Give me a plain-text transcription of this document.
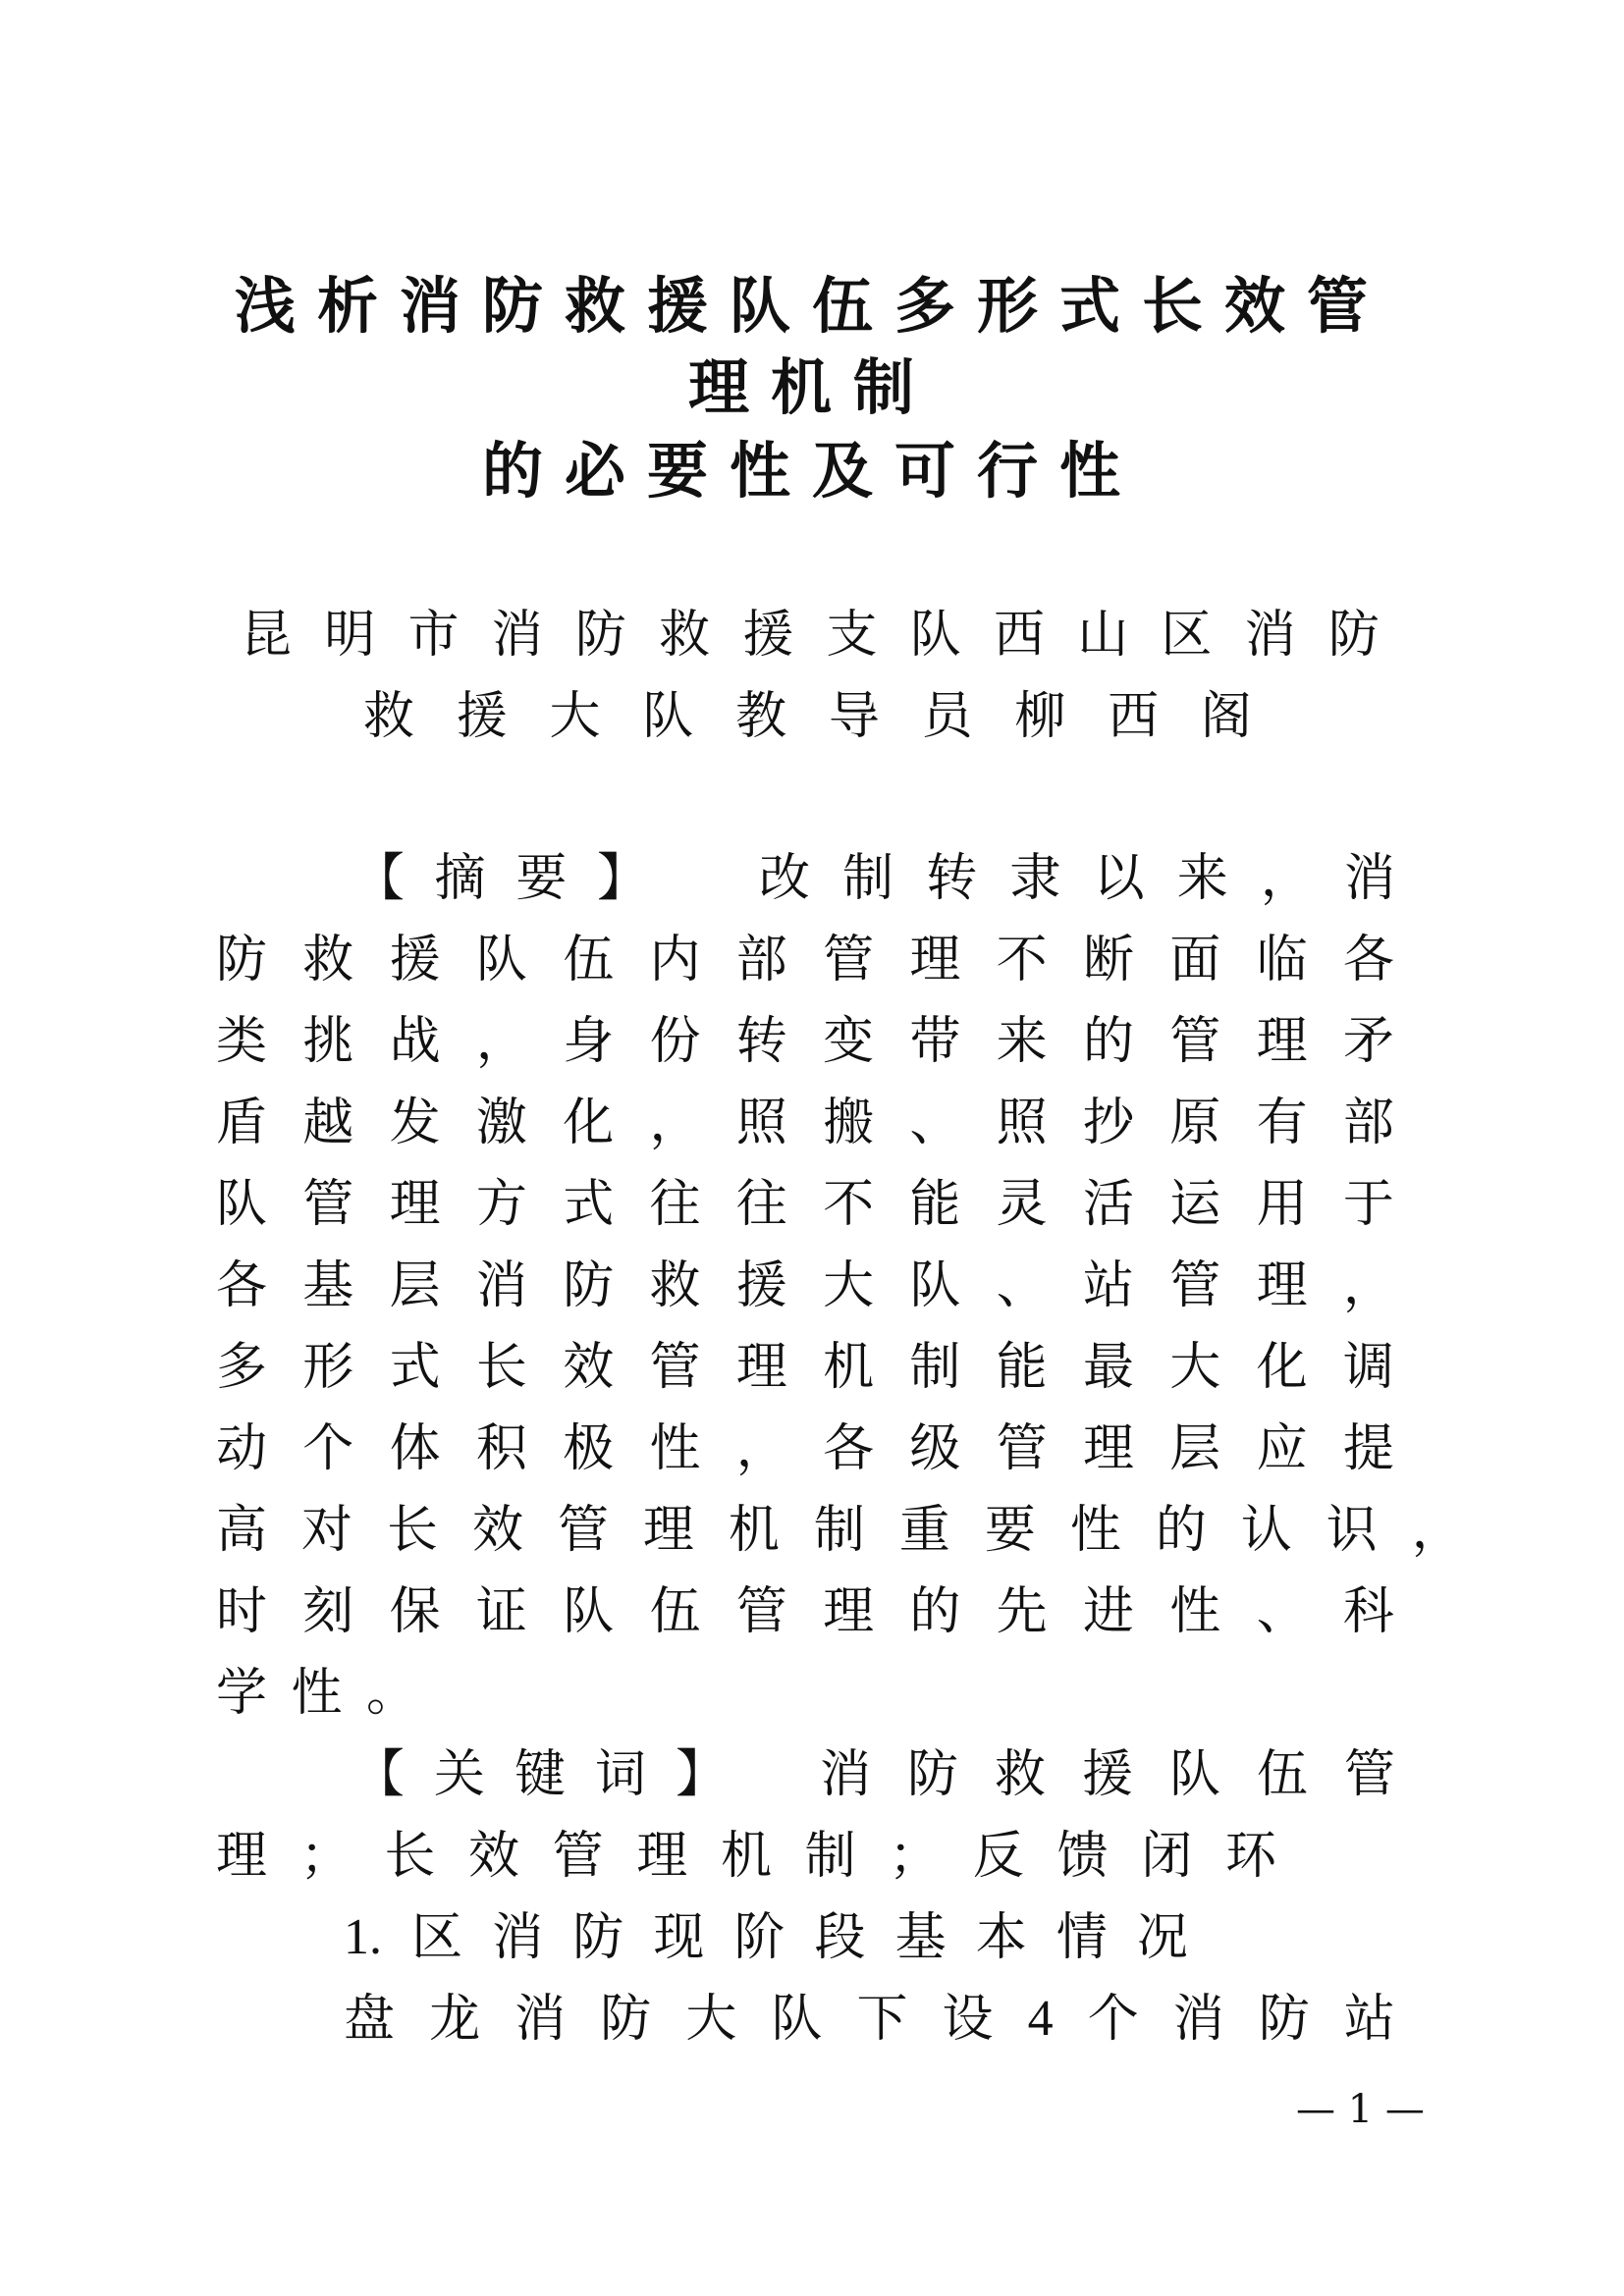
浅析消防救援队伍多形式长效管
理机制
的必要性及可行性
昆 明 市 消 防 救 援 支 队 西 山 区 消 防
救 援 大 队 教 导 员 柳 西 阁
【 摘 要 】 改 制 转 隶 以 来 ， 消
防 救 援 队 伍 内 部 管 理 不 断 面 临 各
类 挑 战 ， 身 份 转 变 带 来 的 管 理 矛
盾 越 发 激 化 ， 照 搬 、 照 抄 原 有 部
队 管 理 方 式 往 往 不 能 灵 活 运 用 于
各 基 层 消 防 救 援 大 队 、 站 管 理 ，
多 形 式 长 效 管 理 机 制 能 最 大 化 调
动 个 体 积 极 性 ， 各 级 管 理 层 应 提
高 对 长 效 管 理 机 制 重 要 性 的 认 识 ，
时 刻 保 证 队 伍 管 理 的 先 进 性 、 科
学 性 。
【 关 键 词 】 消 防 救 援 队 伍 管
理 ； 长 效 管 理 机 制 ； 反 馈 闭 环
1. 区 消 防 现 阶 段 基 本 情 况
盘 龙 消 防 大 队 下 设 4 个 消 防 站
— 1 —
